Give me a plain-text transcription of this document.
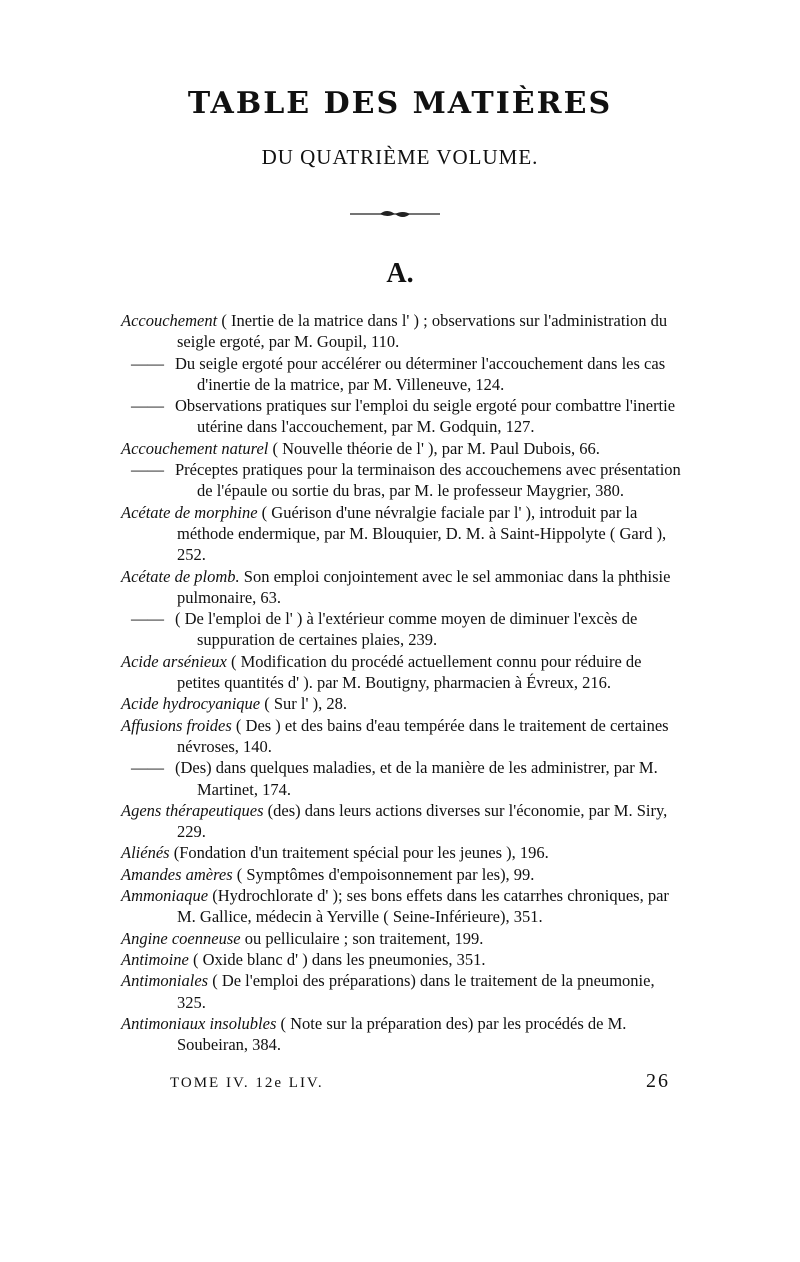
TABLE DES MATIÈRES
DU QUATRIÈME VOLUME.
A.

Accouchement ( Inertie de la matrice dans l' ) ; observations sur l'administration du seigle ergoté, par M. Goupil, 110.

—— Du seigle ergoté pour accélérer ou déterminer l'accouchement dans les cas d'inertie de la matrice, par M. Villeneuve, 124.

—— Observations pratiques sur l'emploi du seigle ergoté pour combattre l'inertie utérine dans l'accouchement, par M. Godquin, 127.

Accouchement naturel ( Nouvelle théorie de l' ), par M. Paul Dubois, 66.

—— Préceptes pratiques pour la terminaison des accouchemens avec présentation de l'épaule ou sortie du bras, par M. le professeur Maygrier, 380.

Acétate de morphine ( Guérison d'une névralgie faciale par l' ), introduit par la méthode endermique, par M. Blouquier, D. M. à Saint-Hippolyte ( Gard ), 252.

Acétate de plomb. Son emploi conjointement avec le sel ammoniac dans la phthisie pulmonaire, 63.

—— ( De l'emploi de l' ) à l'extérieur comme moyen de diminuer l'excès de suppuration de certaines plaies, 239.

Acide arsénieux ( Modification du procédé actuellement connu pour réduire de petites quantités d' ). par M. Boutigny, pharmacien à Évreux, 216.

Acide hydrocyanique ( Sur l' ), 28.

Affusions froides ( Des ) et des bains d'eau tempérée dans le traitement de certaines névroses, 140.

—— (Des) dans quelques maladies, et de la manière de les administrer, par M. Martinet, 174.

Agens thérapeutiques (des) dans leurs actions diverses sur l'économie, par M. Siry, 229.

Aliénés (Fondation d'un traitement spécial pour les jeunes ), 196.

Amandes amères ( Symptômes d'empoisonnement par les), 99.

Ammoniaque (Hydrochlorate d' ); ses bons effets dans les catarrhes chroniques, par M. Gallice, médecin à Yerville ( Seine-Inférieure), 351.

Angine coenneuse ou pelliculaire ; son traitement, 199.

Antimoine ( Oxide blanc d' ) dans les pneumonies, 351.

Antimoniales ( De l'emploi des préparations) dans le traitement de la pneumonie, 325.

Antimoniaux insolubles ( Note sur la préparation des) par les procédés de M. Soubeiran, 384.

TOME IV. 12e LIV.	26
